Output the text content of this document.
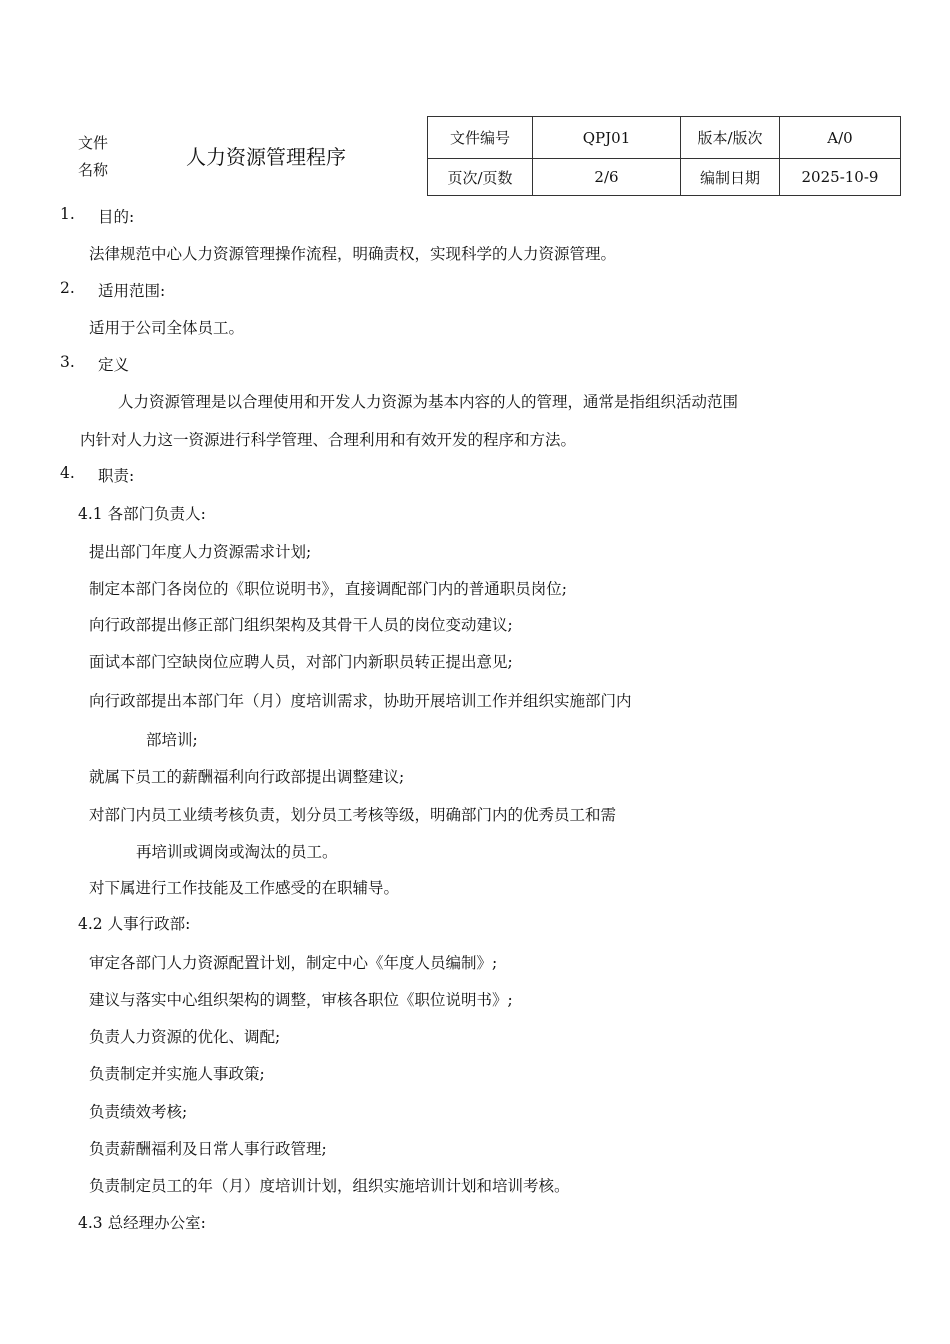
文件
名称
人力资源管理程序
文件编号	QPJ01	版本/版次	A/0
页次/页数	2/6	编制日期	2025-10-9
1. 目的:
法律规范中心人力资源管理操作流程，明确责权，实现科学的人力资源管理。
2. 适用范围:
适用于公司全体员工。
3. 定义
人力资源管理是以合理使用和开发人力资源为基本内容的人的管理，通常是指组织活动范围
内针对人力这一资源进行科学管理、合理利用和有效开发的程序和方法。
4. 职责:
4.1 各部门负责人:
提出部门年度人力资源需求计划;
制定本部门各岗位的《职位说明书》，直接调配部门内的普通职员岗位;
向行政部提出修正部门组织架构及其骨干人员的岗位变动建议;
面试本部门空缺岗位应聘人员，对部门内新职员转正提出意见;
向行政部提出本部门年（月）度培训需求，协助开展培训工作并组织实施部门内
部培训;
就属下员工的薪酬福利向行政部提出调整建议;
对部门内员工业绩考核负责，划分员工考核等级，明确部门内的优秀员工和需
再培训或调岗或淘汰的员工。
对下属进行工作技能及工作感受的在职辅导。
4.2 人事行政部:
审定各部门人力资源配置计划，制定中心《年度人员编制》;
建议与落实中心组织架构的调整，审核各职位《职位说明书》;
负责人力资源的优化、调配;
负责制定并实施人事政策;
负责绩效考核;
负责薪酬福利及日常人事行政管理;
负责制定员工的年（月）度培训计划，组织实施培训计划和培训考核。
4.3 总经理办公室:
